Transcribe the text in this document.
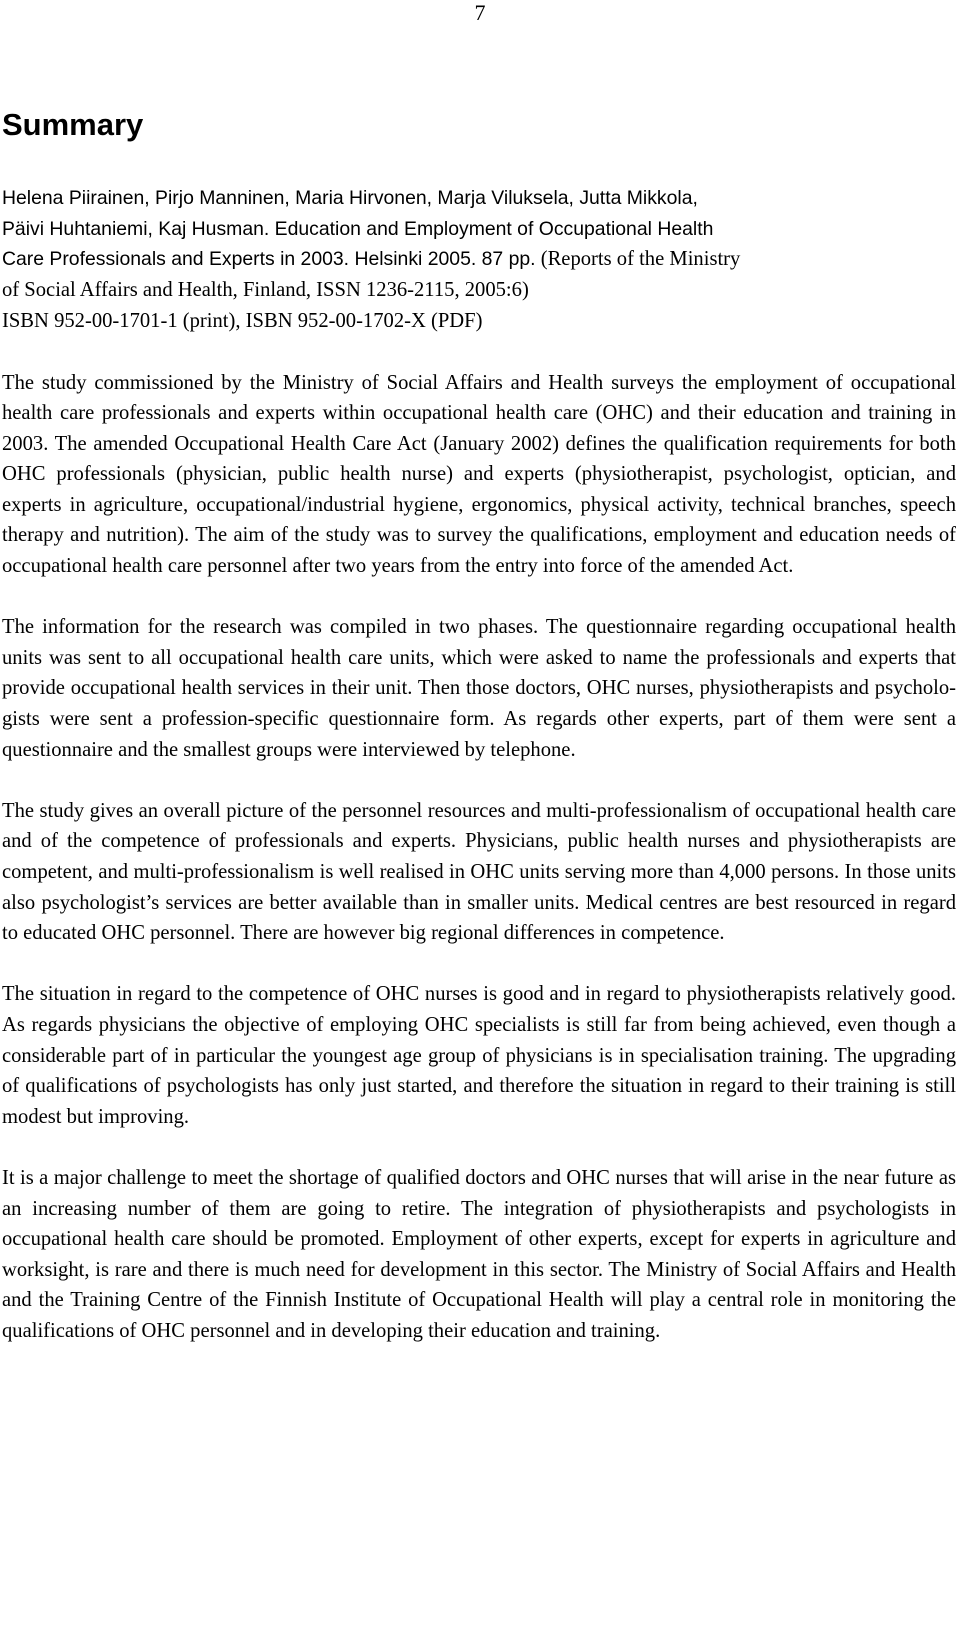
7
Summary

Helena Piirainen, Pirjo Manninen, Maria Hirvonen, Marja Viluksela, Jutta Mikkola,
Päivi Huhtaniemi, Kaj Husman. Education and Employment of Occupational Health
Care Professionals and Experts in 2003. Helsinki 2005. 87 pp. (Reports of the Ministry
of Social Affairs and Health, Finland, ISSN 1236-2115, 2005:6)
ISBN 952-00-1701-1 (print), ISBN 952-00-1702-X (PDF)

The study commissioned by the Ministry of Social Affairs and Health surveys the employment of occupational health care professionals and experts within occupational health care (OHC) and their education and training in 2003. The amended Occupational Health Care Act (January 2002) defines the qualification requirements for both OHC professionals (physician, public health nurse) and experts (physiotherapist, psychologist, optician, and experts in agriculture, occupational/industrial hygiene, ergonomics, physical activity, technical branches, speech therapy and nutrition). The aim of the study was to survey the qualifications, employment and education needs of occupational health care personnel after two years from the entry into force of the amended Act.

The information for the research was compiled in two phases. The questionnaire regarding occupational health units was sent to all occupational health care units, which were asked to name the professionals and experts that provide occupational health services in their unit. Then those doctors, OHC nurses, physiotherapists and psychologists were sent a profession-specific questionnaire form. As regards other experts, part of them were sent a questionnaire and the smallest groups were interviewed by telephone.

The study gives an overall picture of the personnel resources and multi-professionalism of occupational health care and of the competence of professionals and experts. Physicians, public health nurses and physiotherapists are competent, and multi-professionalism is well realised in OHC units serving more than 4,000 persons. In those units also psychologist’s services are better available than in smaller units. Medical centres are best resourced in regard to educated OHC personnel. There are however big regional differences in competence.

The situation in regard to the competence of OHC nurses is good and in regard to physiotherapists relatively good. As regards physicians the objective of employing OHC specialists is still far from being achieved, even though a considerable part of in particular the youngest age group of physicians is in specialisation training. The upgrading of qualifications of psychologists has only just started, and therefore the situation in regard to their training is still modest but improving.

It is a major challenge to meet the shortage of qualified doctors and OHC nurses that will arise in the near future as an increasing number of them are going to retire. The integration of physiotherapists and psychologists in occupational health care should be promoted. Employment of other experts, except for experts in agriculture and worksight, is rare and there is much need for development in this sector. The Ministry of Social Affairs and Health and the Training Centre of the Finnish Institute of Occupational Health will play a central role in monitoring the qualifications of OHC personnel and in developing their education and training.
